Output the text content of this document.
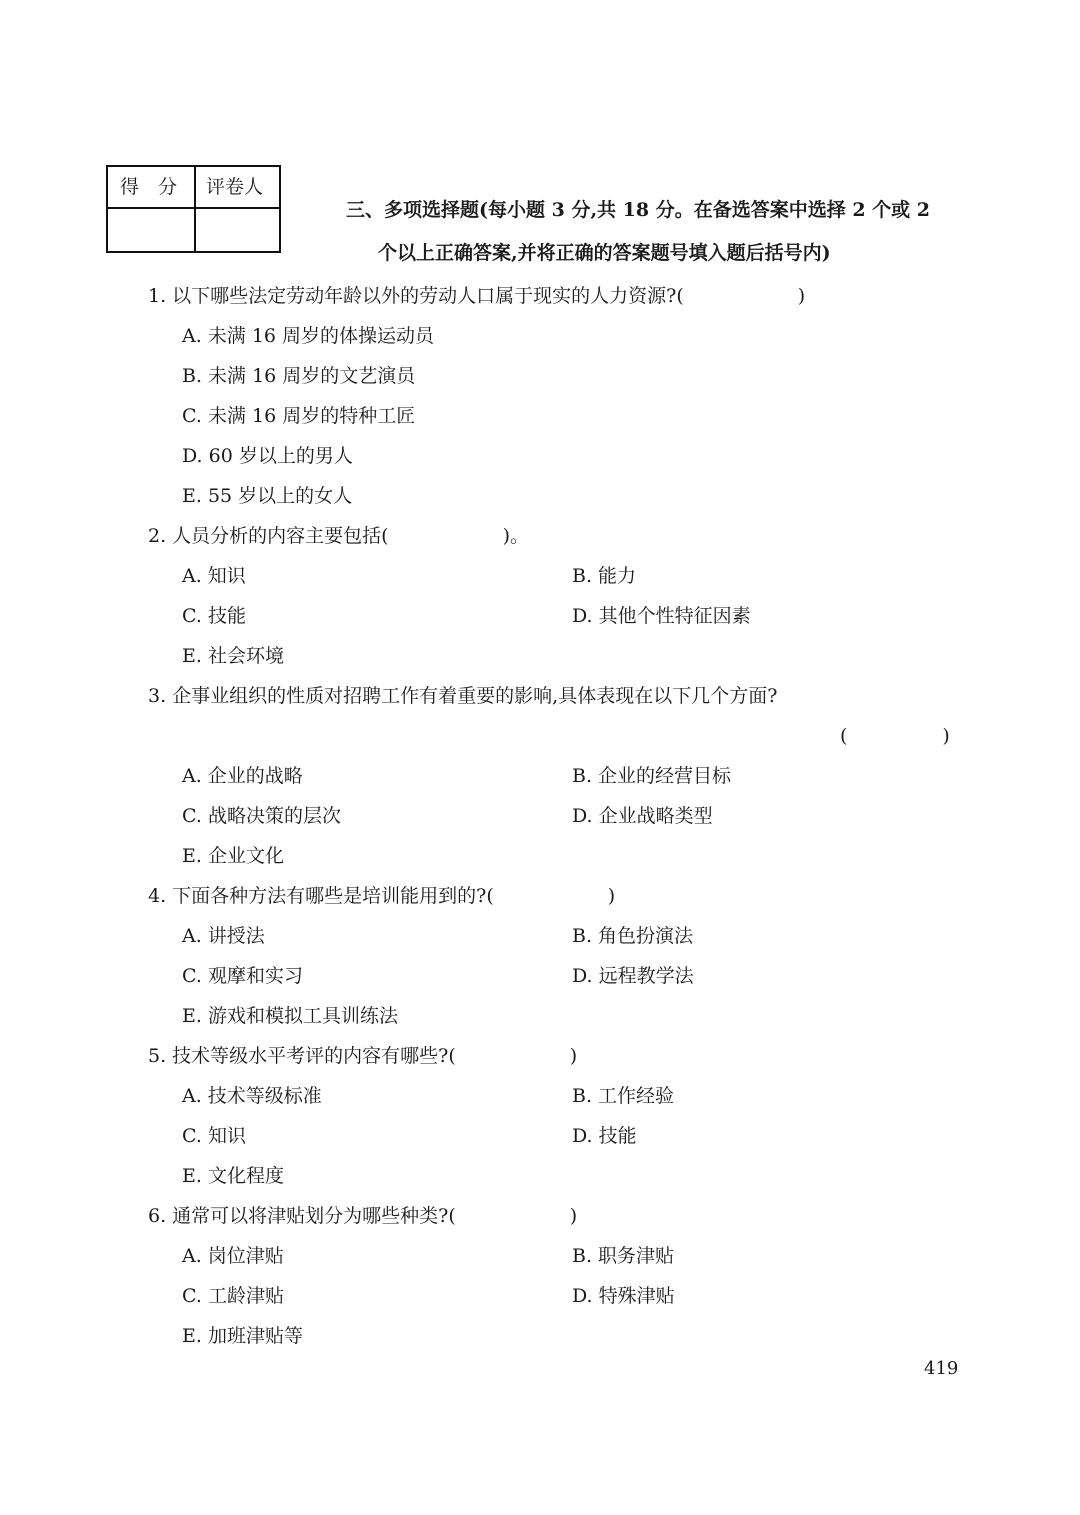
得　分 评卷人
三、多项选择题(每小题 3 分,共 18 分。在备选答案中选择 2 个或 2
个以上正确答案,并将正确的答案题号填入题后括号内)
1. 以下哪些法定劳动年龄以外的劳动人口属于现实的人力资源?(　　　　　　)
A. 未满 16 周岁的体操运动员
B. 未满 16 周岁的文艺演员
C. 未满 16 周岁的特种工匠
D. 60 岁以上的男人
E. 55 岁以上的女人
2. 人员分析的内容主要包括(　　　　　　)。
A. 知识	B. 能力
C. 技能	D. 其他个性特征因素
E. 社会环境
3. 企事业组织的性质对招聘工作有着重要的影响,具体表现在以下几个方面?
(　　　　　)
A. 企业的战略	B. 企业的经营目标
C. 战略决策的层次	D. 企业战略类型
E. 企业文化
4. 下面各种方法有哪些是培训能用到的?(　　　　　　)
A. 讲授法	B. 角色扮演法
C. 观摩和实习	D. 远程教学法
E. 游戏和模拟工具训练法
5. 技术等级水平考评的内容有哪些?(　　　　　　)
A. 技术等级标准	B. 工作经验
C. 知识	D. 技能
E. 文化程度
6. 通常可以将津贴划分为哪些种类?(　　　　　　)
A. 岗位津贴	B. 职务津贴
C. 工龄津贴	D. 特殊津贴
E. 加班津贴等
419
